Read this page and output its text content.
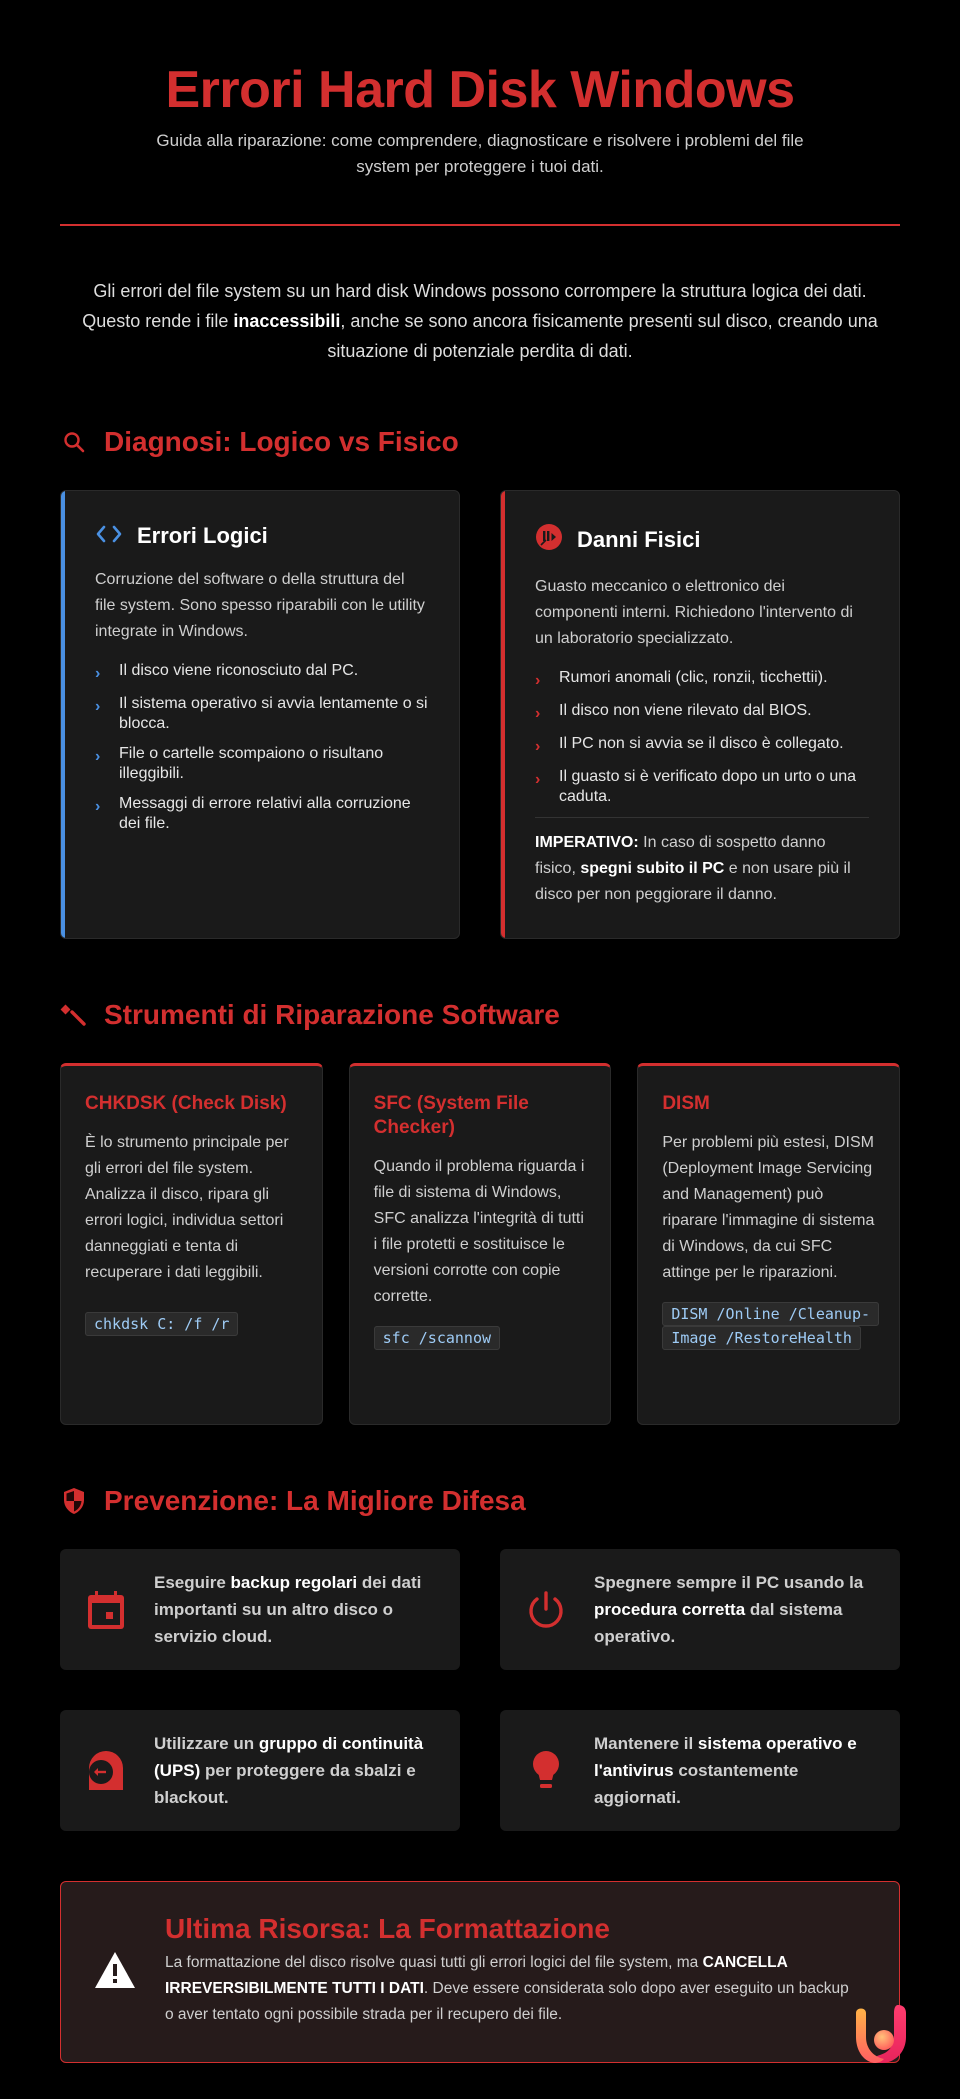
Errori Hard Disk Windows

Guida alla riparazione: come comprendere, diagnosticare e risolvere i problemi del file system per proteggere i tuoi dati.

Gli errori del file system su un hard disk Windows possono corrompere la struttura logica dei dati. Questo rende i file inaccessibili, anche se sono ancora fisicamente presenti sul disco, creando una situazione di potenziale perdita di dati.

Diagnosi: Logico vs Fisico
Errori Logici

Corruzione del software o della struttura del file system. Sono spesso riparabili con le utility integrate in Windows.

› Il disco viene riconosciuto dal PC.
› Il sistema operativo si avvia lentamente o si blocca.
› File o cartelle scompaiono o risultano illeggibili.
› Messaggi di errore relativi alla corruzione dei file.
Danni Fisici

Guasto meccanico o elettronico dei componenti interni. Richiedono l'intervento di un laboratorio specializzato.

› Rumori anomali (clic, ronzii, ticchettii).
› Il disco non viene rilevato dal BIOS.
› Il PC non si avvia se il disco è collegato.
› Il guasto si è verificato dopo un urto o una caduta.

IMPERATIVO: In caso di sospetto danno fisico, spegni subito il PC e non usare più il disco per non peggiorare il danno.

Strumenti di Riparazione Software
CHKDSK (Check Disk)

È lo strumento principale per gli errori del file system. Analizza il disco, ripara gli errori logici, individua settori danneggiati e tenta di recuperare i dati leggibili.

chkdsk C: /f /r
SFC (System File Checker)

Quando il problema riguarda i file di sistema di Windows, SFC analizza l'integrità di tutti i file protetti e sostituisce le versioni corrotte con copie corrette.

sfc /scannow
DISM

Per problemi più estesi, DISM (Deployment Image Servicing and Management) può riparare l'immagine di sistema di Windows, da cui SFC attinge per le riparazioni.

DISM /Online /Cleanup-Image /RestoreHealth
Prevenzione: La Migliore Difesa

Eseguire backup regolari dei dati importanti su un altro disco o servizio cloud.

Spegnere sempre il PC usando la procedura corretta dal sistema operativo.

Utilizzare un gruppo di continuità (UPS) per proteggere da sbalzi e blackout.

Mantenere il sistema operativo e l'antivirus costantemente aggiornati.

Ultima Risorsa: La Formattazione

La formattazione del disco risolve quasi tutti gli errori logici del file system, ma CANCELLA IRREVERSIBILMENTE TUTTI I DATI. Deve essere considerata solo dopo aver eseguito un backup o aver tentato ogni possibile strada per il recupero dei file.
